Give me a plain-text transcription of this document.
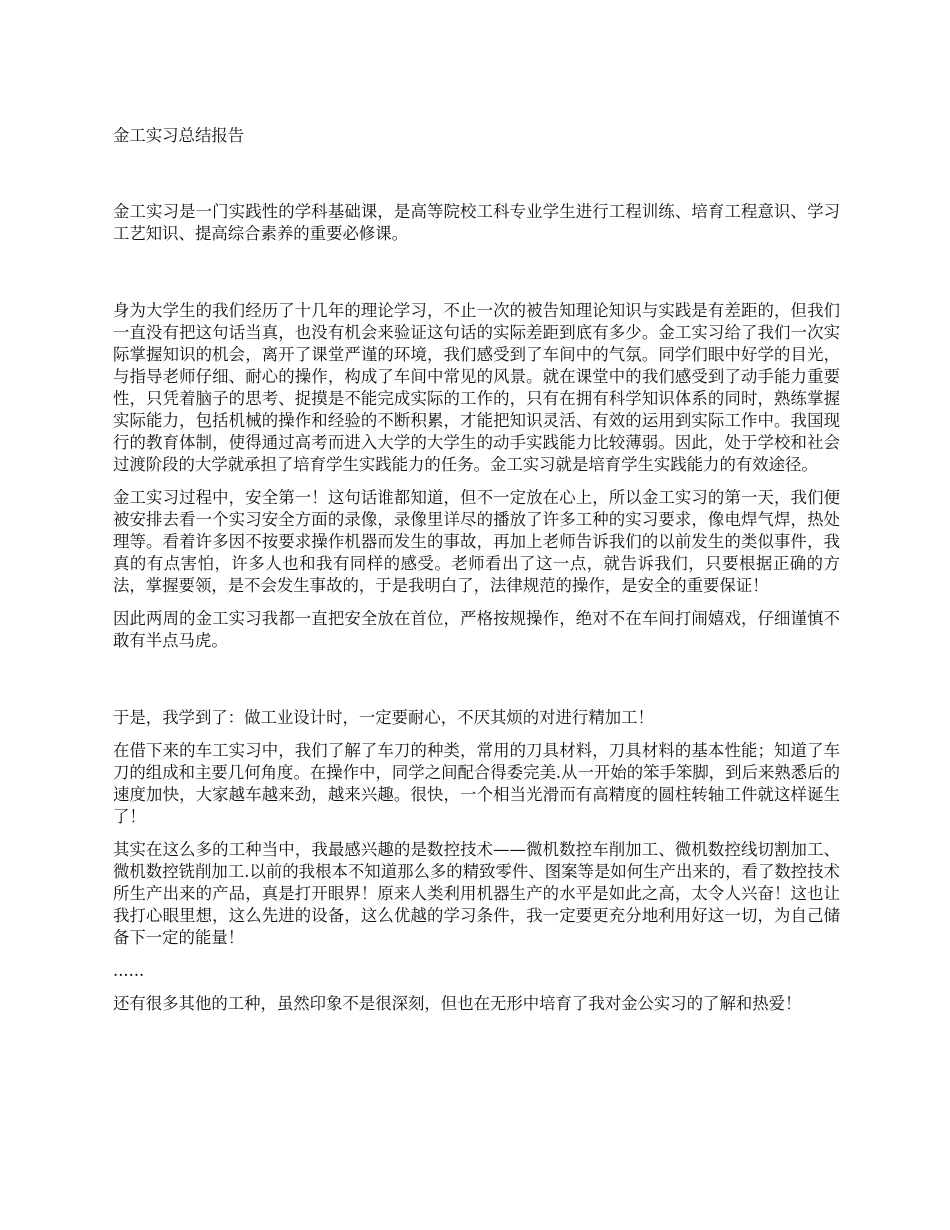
金工实习总结报告

金工实习是一门实践性的学科基础课，是高等院校工科专业学生进行工程训练、培育工程意识、学习工艺知识、提高综合素养的重要必修课。

身为大学生的我们经历了十几年的理论学习，不止一次的被告知理论知识与实践是有差距的，但我们一直没有把这句话当真，也没有机会来验证这句话的实际差距到底有多少。金工实习给了我们一次实际掌握知识的机会，离开了课堂严谨的环境，我们感受到了车间中的气氛。同学们眼中好学的目光，与指导老师仔细、耐心的操作，构成了车间中常见的风景。就在课堂中的我们感受到了动手能力重要性，只凭着脑子的思考、捉摸是不能完成实际的工作的，只有在拥有科学知识体系的同时，熟练掌握实际能力，包括机械的操作和经验的不断积累，才能把知识灵活、有效的运用到实际工作中。我国现行的教育体制，使得通过高考而进入大学的大学生的动手实践能力比较薄弱。因此，处于学校和社会过渡阶段的大学就承担了培育学生实践能力的任务。金工实习就是培育学生实践能力的有效途径。

金工实习过程中，安全第一！这句话谁都知道，但不一定放在心上，所以金工实习的第一天，我们便被安排去看一个实习安全方面的录像，录像里详尽的播放了许多工种的实习要求，像电焊气焊，热处理等。看着许多因不按要求操作机器而发生的事故，再加上老师告诉我们的以前发生的类似事件，我真的有点害怕，许多人也和我有同样的感受。老师看出了这一点，就告诉我们，只要根据正确的方法，掌握要领，是不会发生事故的，于是我明白了，法律规范的操作，是安全的重要保证！

因此两周的金工实习我都一直把安全放在首位，严格按规操作，绝对不在车间打闹嬉戏，仔细谨慎不敢有半点马虎。

于是，我学到了：做工业设计时，一定要耐心，不厌其烦的对进行精加工！

在借下来的车工实习中，我们了解了车刀的种类，常用的刀具材料，刀具材料的基本性能；知道了车刀的组成和主要几何角度。在操作中，同学之间配合得委完美.从一开始的笨手笨脚，到后来熟悉后的速度加快，大家越车越来劲，越来兴趣。很快，一个相当光滑而有高精度的圆柱转轴工件就这样诞生了！

其实在这么多的工种当中，我最感兴趣的是数控技术——微机数控车削加工、微机数控线切割加工、微机数控铣削加工.以前的我根本不知道那么多的精致零件、图案等是如何生产出来的，看了数控技术所生产出来的产品，真是打开眼界！原来人类利用机器生产的水平是如此之高，太令人兴奋！这也让我打心眼里想，这么先进的设备，这么优越的学习条件，我一定要更充分地利用好这一切，为自己储备下一定的能量！

......

还有很多其他的工种，虽然印象不是很深刻，但也在无形中培育了我对金公实习的了解和热爱！
